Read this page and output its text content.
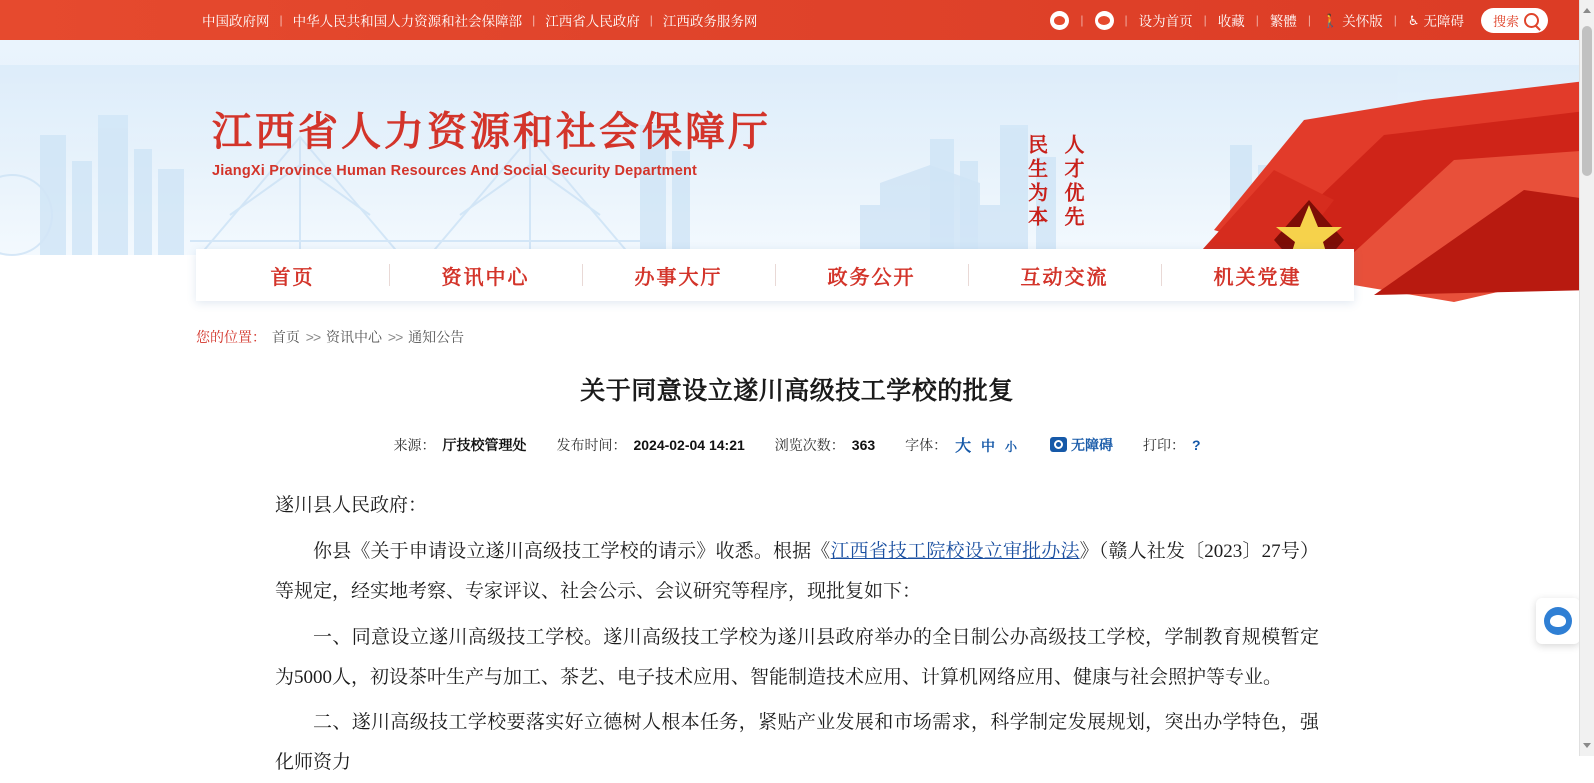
中国政府网 | 中华人民共和国人力资源和社会保障部 | 江西省人民政府 | 江西政务服务网	|	| 设为首页 | 收藏 | 繁體 | 🚶 关怀版 | ♿ 无障碍 搜索
江西省人力资源和社会保障厅
JiangXi Province Human Resources And Social Security Department	民生为本 人才优先
首页	资讯中心	办事大厅	政务公开	互动交流	机关党建
您的位置： 首页 >> 资讯中心 >> 通知公告
关于同意设立遂川高级技工学校的批复
来源： 厅技校管理处 发布时间： 2024-02-04 14:21 浏览次数： 363 字体： 大 中 小	无障碍 打印： ?

遂川县人民政府：

你县《关于申请设立遂川高级技工学校的请示》收悉。根据《江西省技工院校设立审批办法》（赣人社发〔2023〕27号）等规定，经实地考察、专家评议、社会公示、会议研究等程序，现批复如下：

一、同意设立遂川高级技工学校。遂川高级技工学校为遂川县政府举办的全日制公办高级技工学校，学制教育规模暂定为5000人，初设茶叶生产与加工、茶艺、电子技术应用、智能制造技术应用、计算机网络应用、健康与社会照护等专业。

二、遂川高级技工学校要落实好立德树人根本任务，紧贴产业发展和市场需求，科学制定发展规划，突出办学特色，强化师资力
